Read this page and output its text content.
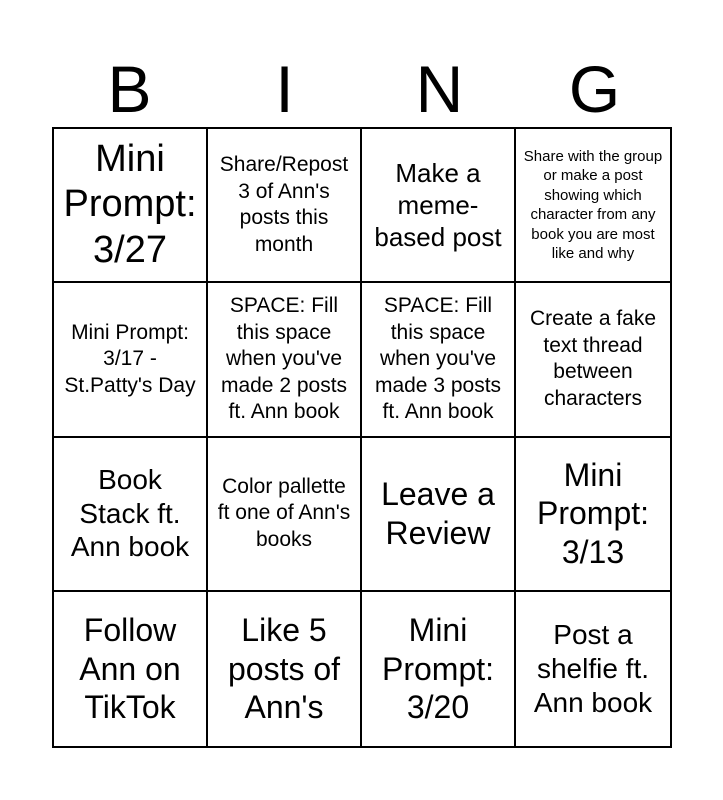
B	I	N	G
Mini Prompt: 3/27
Share/Repost 3 of Ann's posts this month
Make a meme-based post
Share with the group or make a post showing which character from any book you are most like and why
Mini Prompt: 3/17 - St.Patty's Day
SPACE: Fill this space when you've made 2 posts ft. Ann book
SPACE: Fill this space when you've made 3 posts ft. Ann book
Create a fake text thread between characters
Book Stack ft. Ann book
Color pallette ft one of Ann's books
Leave a Review
Mini Prompt: 3/13
Follow Ann on TikTok
Like 5 posts of Ann's
Mini Prompt: 3/20
Post a shelfie ft. Ann book
